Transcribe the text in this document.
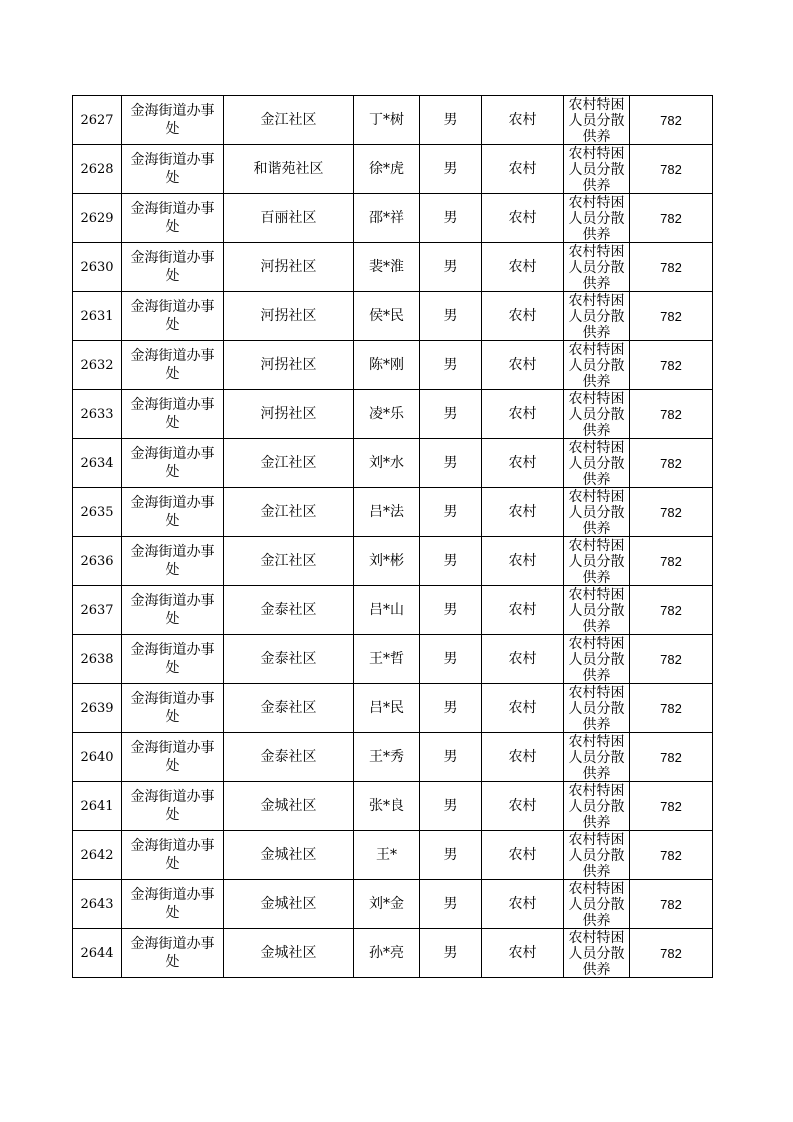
2627	金海街道办事处	金江社区	丁*树	男	农村	农村特困人员分散供养	782
2628	金海街道办事处	和谐苑社区	徐*虎	男	农村	农村特困人员分散供养	782
2629	金海街道办事处	百丽社区	邵*祥	男	农村	农村特困人员分散供养	782
2630	金海街道办事处	河拐社区	裴*淮	男	农村	农村特困人员分散供养	782
2631	金海街道办事处	河拐社区	侯*民	男	农村	农村特困人员分散供养	782
2632	金海街道办事处	河拐社区	陈*刚	男	农村	农村特困人员分散供养	782
2633	金海街道办事处	河拐社区	凌*乐	男	农村	农村特困人员分散供养	782
2634	金海街道办事处	金江社区	刘*水	男	农村	农村特困人员分散供养	782
2635	金海街道办事处	金江社区	吕*法	男	农村	农村特困人员分散供养	782
2636	金海街道办事处	金江社区	刘*彬	男	农村	农村特困人员分散供养	782
2637	金海街道办事处	金泰社区	吕*山	男	农村	农村特困人员分散供养	782
2638	金海街道办事处	金泰社区	王*哲	男	农村	农村特困人员分散供养	782
2639	金海街道办事处	金泰社区	吕*民	男	农村	农村特困人员分散供养	782
2640	金海街道办事处	金泰社区	王*秀	男	农村	农村特困人员分散供养	782
2641	金海街道办事处	金城社区	张*良	男	农村	农村特困人员分散供养	782
2642	金海街道办事处	金城社区	王*	男	农村	农村特困人员分散供养	782
2643	金海街道办事处	金城社区	刘*金	男	农村	农村特困人员分散供养	782
2644	金海街道办事处	金城社区	孙*亮	男	农村	农村特困人员分散供养	782
